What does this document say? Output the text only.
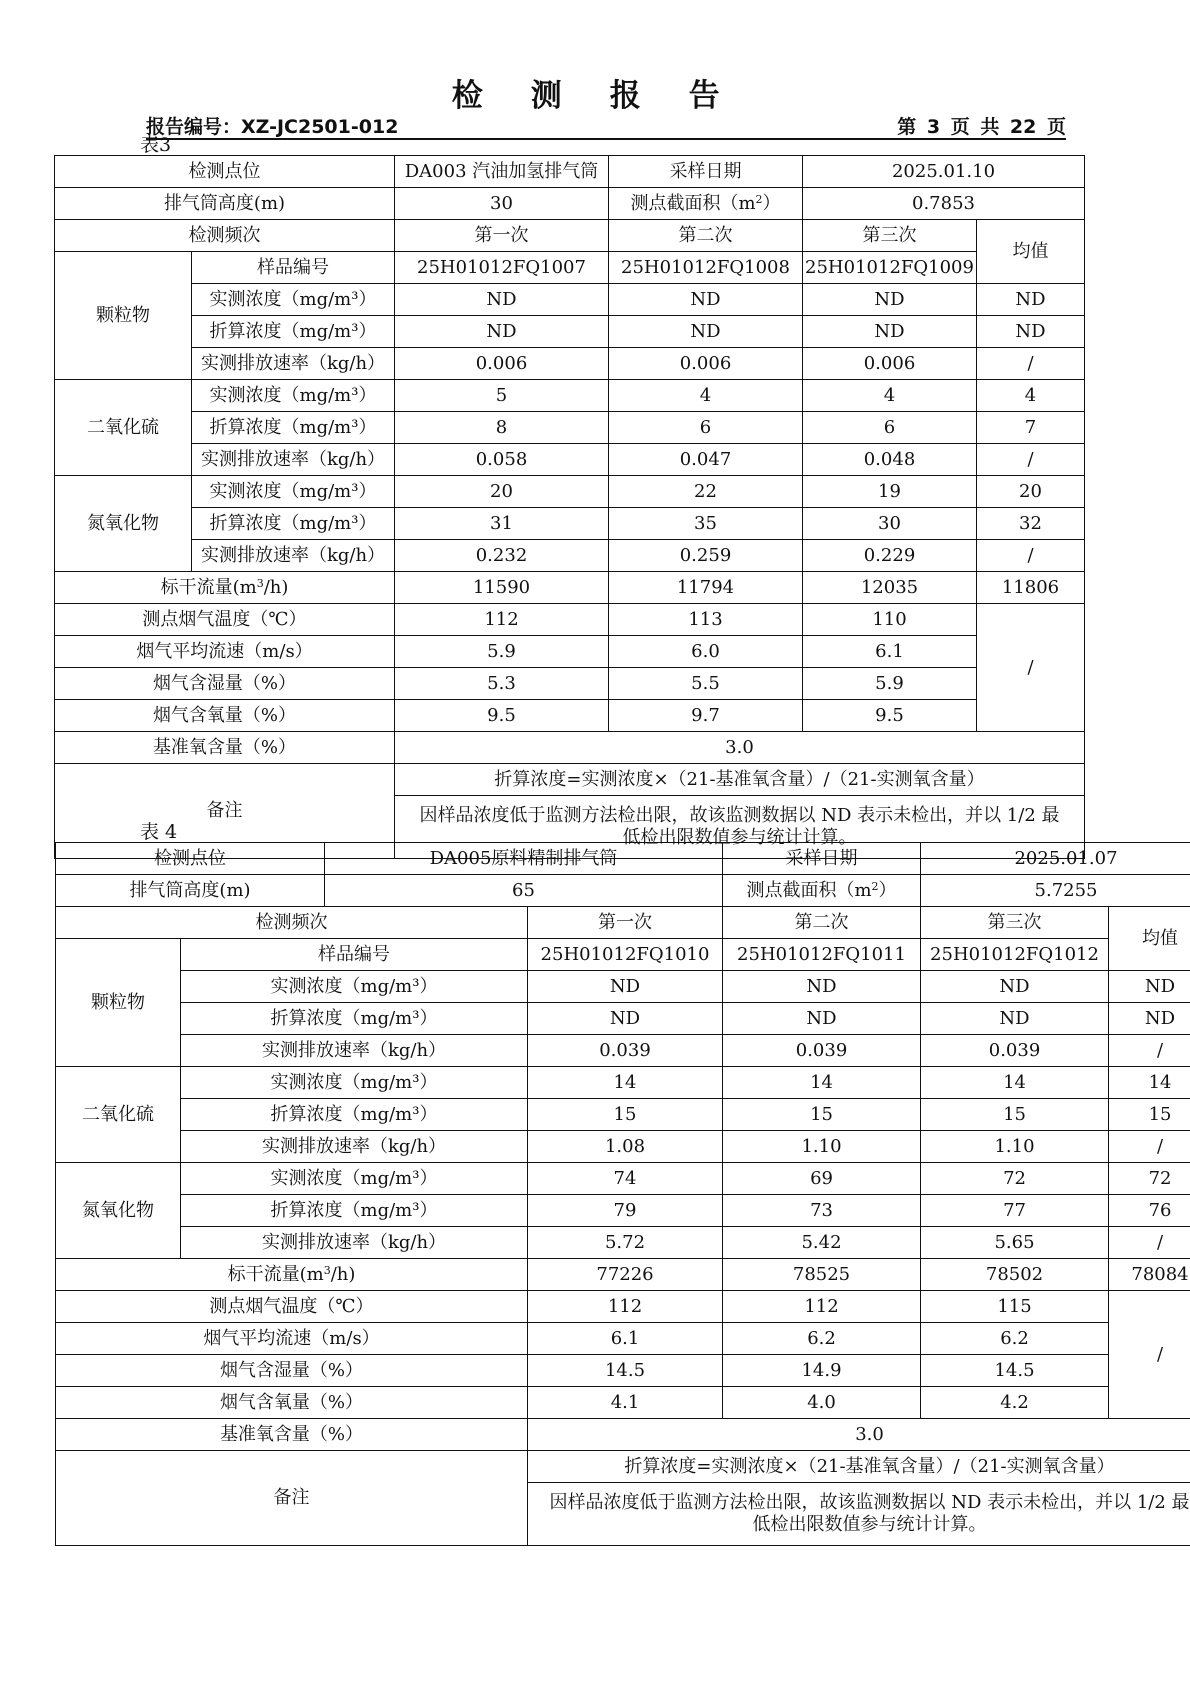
检 测 报 告
报告编号：XZ-JC2501-012	第 3 页 共 22 页
表3
检测点位		DA003 汽油加氢排气筒	采样日期	2025.01.10	
排气筒高度(m)		30	测点截面积$(m^2)$	0.7853	
检测频次		第一次	第二次	第三次	均值
颗粒物	样品编号	25H01012FQ1007	25H01012FQ1008	25H01012FQ1009	
	实测浓度（mg/m³）	ND	ND	ND	ND
	折算浓度（mg/m³）	ND	ND	ND	ND
	实测排放速率（kg/h）	0.006	0.006	0.006	/
二氧化硫	实测浓度（mg/m³）	5	4	4	4
	折算浓度（mg/m³）	8	6	6	7
	实测排放速率（kg/h）	0.058	0.047	0.048	/
氮氧化物	实测浓度（mg/m³）	20	22	19	20
	折算浓度（mg/m³）	31	35	30	32
	实测排放速率（kg/h）	0.232	0.259	0.229	/
标干流量$(m^3/h)$		11590	11794	12035	11806
测点烟气温度（℃）		112	113	110	/
烟气平均流速（m/s）		5.9	6.0	6.1	
烟气含湿量（%）		5.3	5.5	5.9	
烟气含氧量（%）		9.5	9.7	9.5	
基准氧含量（%）		3.0			
备注		折算浓度=实测浓度×（21-基准氧含量）/（21-实测氧含量）			

		因样品浓度低于监测方法检出限，故该监测数据以 ND 表示未检出，并以 1/2 最
低检出限数值参与统计计算。			
表 4
检测点位		DA005原料精制排气筒		采样日期	2025.01.07	
排气筒高度(m)		65		测点截面积$(m^2)$	5.7255	
检测频次			第一次	第二次	第三次	均值
颗粒物	样品编号		25H01012FQ1010	25H01012FQ1011	25H01012FQ1012	
	实测浓度（mg/m³）		ND	ND	ND	ND
	折算浓度（mg/m³）		ND	ND	ND	ND
	实测排放速率（kg/h）		0.039	0.039	0.039	/
二氧化硫	实测浓度（mg/m³）		14	14	14	14
	折算浓度（mg/m³）		15	15	15	15
	实测排放速率（kg/h）		1.08	1.10	1.10	/
氮氧化物	实测浓度（mg/m³）		74	69	72	72
	折算浓度（mg/m³）		79	73	77	76
	实测排放速率（kg/h）		5.72	5.42	5.65	/
标干流量$(m^3/h)$			77226	78525	78502	78084
测点烟气温度（℃）			112	112	115	/
烟气平均流速（m/s）			6.1	6.2	6.2	
烟气含湿量（%）			14.5	14.9	14.5	
烟气含氧量（%）			4.1	4.0	4.2	
基准氧含量（%）			3.0			
备注			折算浓度=实测浓度×（21-基准氧含量）/（21-实测氧含量）			

			因样品浓度低于监测方法检出限，故该监测数据以 ND 表示未检出，并以 1/2 最
低检出限数值参与统计计算。			
